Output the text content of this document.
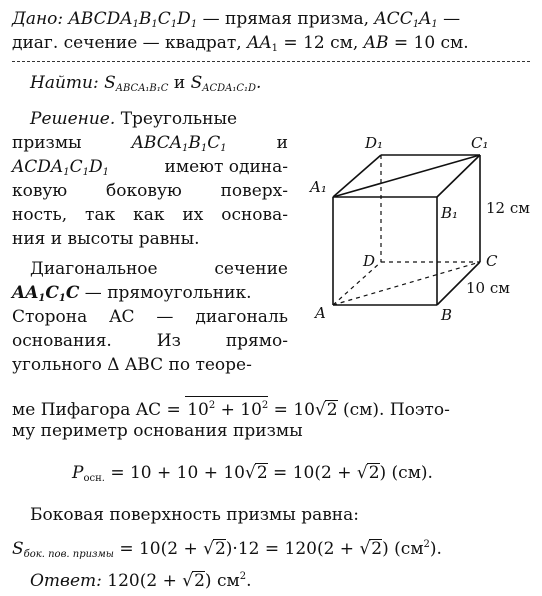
Дано: $ABCDA_1B_1C_1D_1$ — прямая призма, $ACC_1A_1$ —
диаг. сечение — квадрат, $AA_1 = 12$ см, AB = 10 см.
Найти: $S_{ABCA_1B_1C}$ и $S_{ACDA_1C_1D}$.
Решение. Треугольные
призмы	$ABCA_1B_1C_1$	и
$ACDA_1C_1D_1$	имеют одина-
ковую боковую поверх-
ность, так как их основа-
ния и высоты равны.
Диагональное сечение
$AA_1C_1C$ — прямоугольник.
Сторона AC — диагональ
основания. Из прямо-
угольного Δ ABC по теоре-
ме Пифагора AC = $10^2 + 10^2 = 10√2$ (см). Поэто-
му периметр основания призмы
$P_{осн.} = 10 + 10 + 10√2 = 10(2 + √2)$ (см).
Боковая поверхность призмы равна:
$S_{бок. пов. призмы} = 10(2 + √2)\cdot 12 = 120(2 + √2)$ $(см^2)$.
Ответ: 120(2 + √2) $см^2$.
D₁	C₁
A₁
B₁
D	C
A	B
12 см
10 см
